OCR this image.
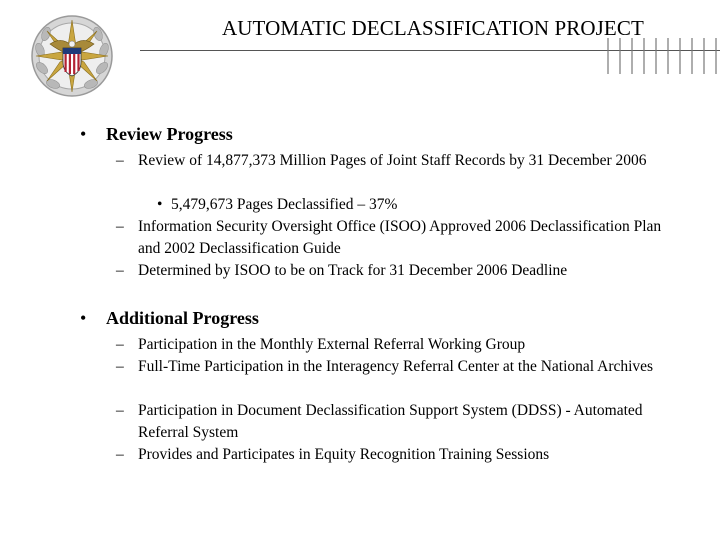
AUTOMATIC DECLASSIFICATION PROJECT
• Review Progress
– Review of 14,877,373 Million Pages of Joint Staff Records by 31 December 2006
• 5,479,673 Pages Declassified – 37%
– Information Security Oversight Office (ISOO) Approved 2006 Declassification Plan and 2002 Declassification Guide
– Determined by ISOO to be on Track for 31 December 2006 Deadline
• Additional Progress
– Participation in the Monthly External Referral Working Group
– Full-Time Participation in the Interagency Referral Center at the National Archives
– Participation in Document Declassification Support System (DDSS) - Automated Referral System
– Provides and Participates in Equity Recognition Training Sessions
